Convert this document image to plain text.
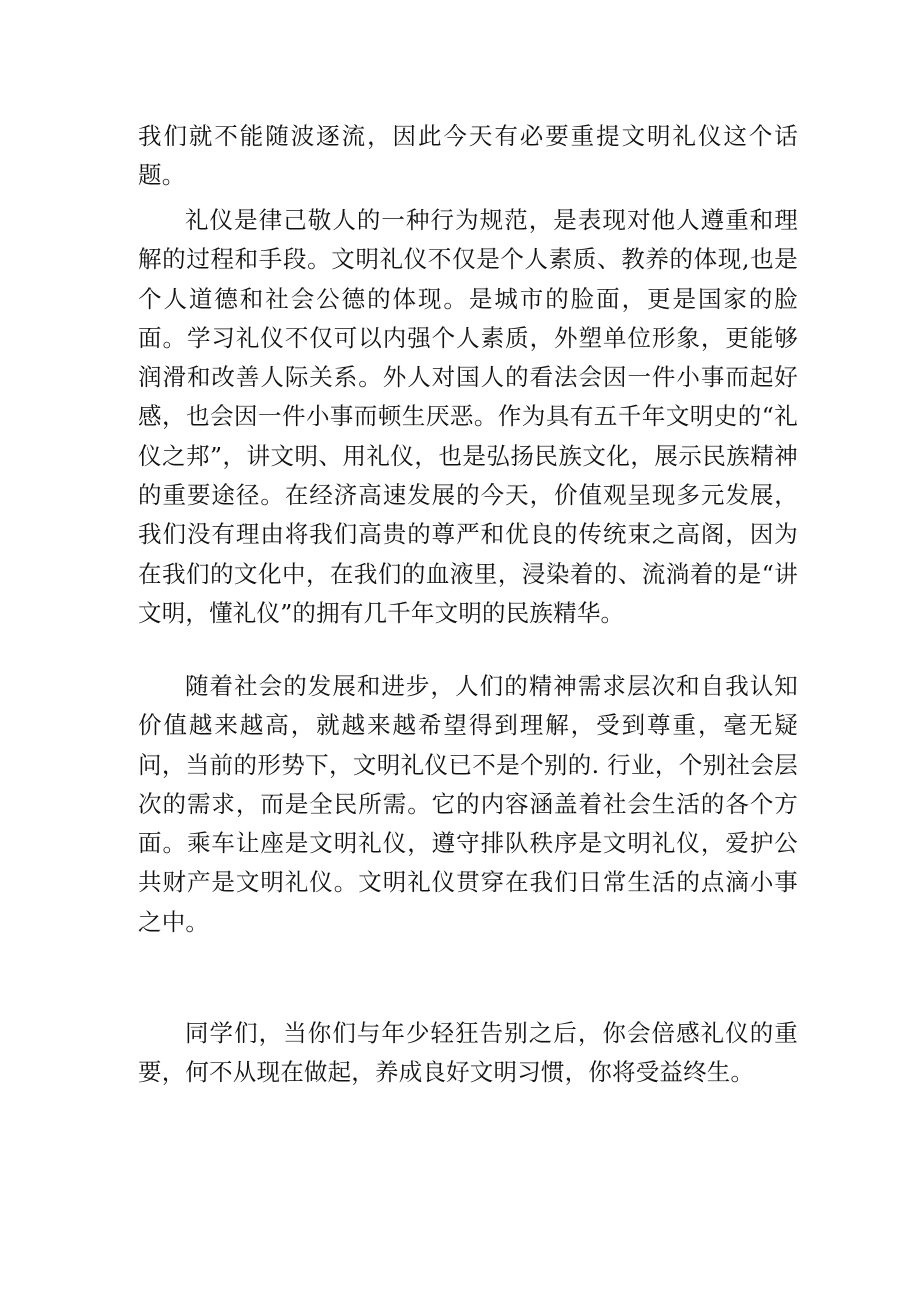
我们就不能随波逐流，因此今天有必要重提文明礼仪这个话题。

礼仪是律己敬人的一种行为规范，是表现对他人遵重和理解的过程和手段。文明礼仪不仅是个人素质、教养的体现,也是个人道德和社会公德的体现。是城市的脸面，更是国家的脸面。学习礼仪不仅可以内强个人素质，外塑单位形象，更能够润滑和改善人际关系。外人对国人的看法会因一件小事而起好感，也会因一件小事而顿生厌恶。作为具有五千年文明史的“礼仪之邦”，讲文明、用礼仪，也是弘扬民族文化，展示民族精神的重要途径。在经济高速发展的今天，价值观呈现多元发展，我们没有理由将我们高贵的尊严和优良的传统束之高阁，因为在我们的文化中，在我们的血液里，浸染着的、流淌着的是“讲文明，懂礼仪”的拥有几千年文明的民族精华。

随着社会的发展和进步，人们的精神需求层次和自我认知价值越来越高，就越来越希望得到理解，受到尊重，毫无疑问，当前的形势下，文明礼仪已不是个别的. 行业，个别社会层次的需求，而是全民所需。它的内容涵盖着社会生活的各个方面。乘车让座是文明礼仪，遵守排队秩序是文明礼仪，爱护公共财产是文明礼仪。文明礼仪贯穿在我们日常生活的点滴小事之中。

同学们，当你们与年少轻狂告别之后，你会倍感礼仪的重要，何不从现在做起，养成良好文明习惯，你将受益终生。
